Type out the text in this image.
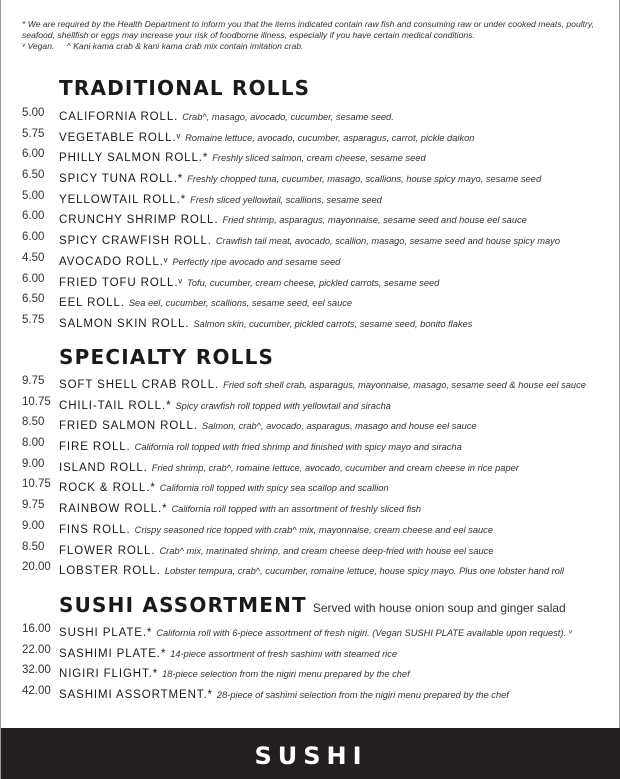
* We are required by the Health Department to inform you that the items indicated contain raw fish and consuming raw or under cooked meats, poultry, seafood, shellfish or eggs may increase your risk of foodborne illness, especially if you have certain medical conditions.
ᵛ Vegan. ^ Kani kama crab & kani kama crab mix contain imitation crab.
TRADITIONAL ROLLS
5.00 CALIFORNIA ROLL. Crab^, masago, avocado, cucumber, sesame seed.
5.75 VEGETABLE ROLL.ᵛ Romaine lettuce, avocado, cucumber, asparagus, carrot, pickle daikon
6.00 PHILLY SALMON ROLL.* Freshly sliced salmon, cream cheese, sesame seed
6.50 SPICY TUNA ROLL.* Freshly chopped tuna, cucumber, masago, scallions, house spicy mayo, sesame seed
5.00 YELLOWTAIL ROLL.* Fresh sliced yellowtail, scallions, sesame seed
6.00 CRUNCHY SHRIMP ROLL. Fried shrimp, asparagus, mayonnaise, sesame seed and house eel sauce
6.00 SPICY CRAWFISH ROLL. Crawfish tail meat, avocado, scallion, masago, sesame seed and house spicy mayo
4.50 AVOCADO ROLL.ᵛ Perfectly ripe avocado and sesame seed
6.00 FRIED TOFU ROLL.ᵛ Tofu, cucumber, cream cheese, pickled carrots, sesame seed
6.50 EEL ROLL. Sea eel, cucumber, scallions, sesame seed, eel sauce
5.75 SALMON SKIN ROLL. Salmon skin, cucumber, pickled carrots, sesame seed, bonito flakes
SPECIALTY ROLLS
9.75 SOFT SHELL CRAB ROLL. Fried soft shell crab, asparagus, mayonnaise, masago, sesame seed & house eel sauce
10.75 CHILI-TAIL ROLL.* Spicy crawfish roll topped with yellowtail and siracha
8.50 FRIED SALMON ROLL. Salmon, crab^, avocado, asparagus, masago and house eel sauce
8.00 FIRE ROLL. California roll topped with fried shrimp and finished with spicy mayo and siracha
9.00 ISLAND ROLL. Fried shrimp, crab^, romaine lettuce, avocado, cucumber and cream cheese in rice paper
10.75 ROCK & ROLL.* California roll topped with spicy sea scallop and scallion
9.75 RAINBOW ROLL.* California roll topped with an assortment of freshly sliced fish
9.00 FINS ROLL. Crispy seasoned rice topped with crab^ mix, mayonnaise, cream cheese and eel sauce
8.50 FLOWER ROLL. Crab^ mix, marinated shrimp, and cream cheese deep-fried with house eel sauce
20.00 LOBSTER ROLL. Lobster tempura, crab^, cucumber, romaine lettuce, house spicy mayo. Plus one lobster hand roll
SUSHI ASSORTMENT Served with house onion soup and ginger salad
16.00 SUSHI PLATE.* California roll with 6-piece assortment of fresh nigiri. (Vegan SUSHI PLATE available upon request). ᵛ
22.00 SASHIMI PLATE.* 14-piece assortment of fresh sashimi with steamed rice
32.00 NIGIRI FLIGHT.* 18-piece selection from the nigiri menu prepared by the chef
42.00 SASHIMI ASSORTMENT.* 28-piece of sashimi selection from the nigiri menu prepared by the chef
SUSHI
